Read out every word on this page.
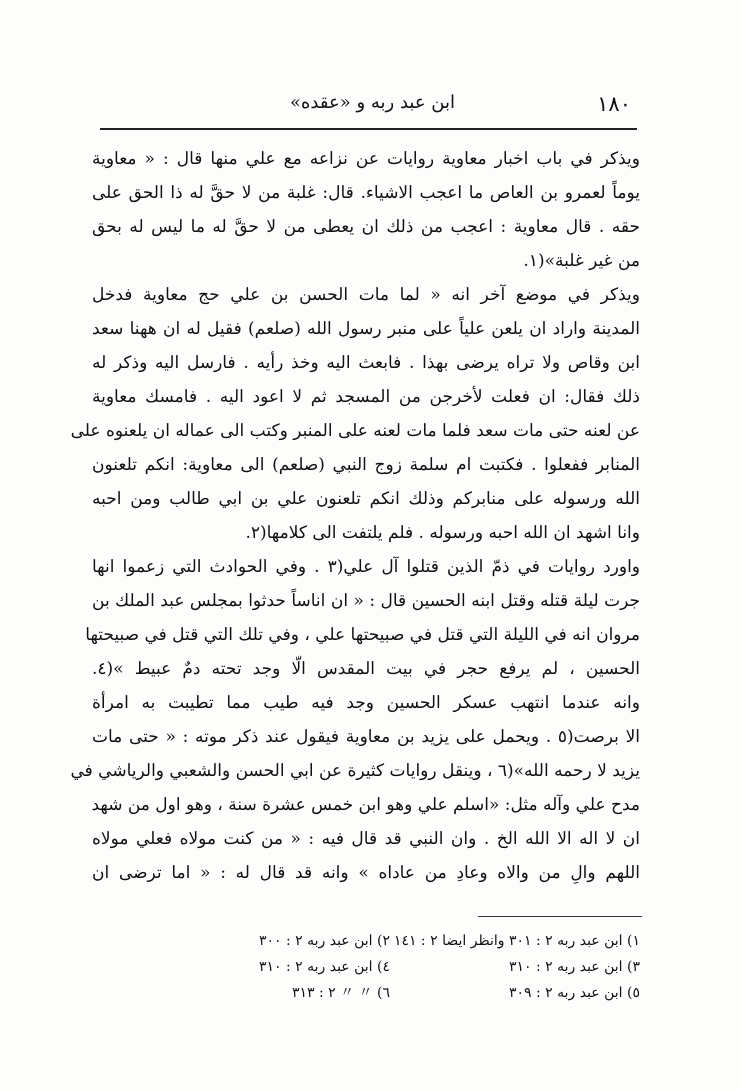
١٨٠
ابن عبد ربه و «عقده»
ويذكر في باب اخبار معاوية روايات عن نزاعه مع علي منها قال : « معاوية
يوماً لعمرو بن العاص ما اعجب الاشياء. قال: غلبة من لا حقَّ له ذا الحق على
حقه . قال معاوية : اعجب من ذلك ان يعطى من لا حقَّ له ما ليس له بحق
من غير غلبة»(١.
ويذكر في موضع آخر انه « لما مات الحسن بن علي حج معاوية فدخل
المدينة واراد ان يلعن علياً على منبر رسول الله (صلعم) فقيل له ان ههنا سعد
ابن وقاص ولا تراه يرضى بهذا . فابعث اليه وخذ رأيه . فارسل اليه وذكر له
ذلك فقال: ان فعلت لأخرجن من المسجد ثم لا اعود اليه . فامسك معاوية
عن لعنه حتى مات سعد فلما مات لعنه على المنبر وكتب الى عماله ان يلعنوه على
المنابر ففعلوا . فكتبت ام سلمة زوج النبي (صلعم) الى معاوية: انكم تلعنون
الله ورسوله على منابركم وذلك انكم تلعنون علي بن ابي طالب ومن احبه
وانا اشهد ان الله احبه ورسوله . فلم يلتفت الى كلامها(٢.
واورد روايات في ذمّ الذين قتلوا آل علي(٣ . وفي الحوادث التي زعموا انها
جرت ليلة قتله وقتل ابنه الحسين قال : « ان اناساً حدثوا بمجلس عبد الملك بن
مروان انه في الليلة التي قتل في صبيحتها علي ، وفي تلك التي قتل في صبيحتها
الحسين ، لم يرفع حجر في بيت المقدس الّا وجد تحته دمٌ عبيط »(٤.
وانه عندما انتهب عسكر الحسين وجد فيه طيب مما تطيبت به امرأة
الا برصت(٥ . ويحمل على يزيد بن معاوية فيقول عند ذكر موته : « حتى مات
يزيد لا رحمه الله»(٦ ، وينقل روايات كثيرة عن ابي الحسن والشعبي والرياشي في
مدح علي وآله مثل: «اسلم علي وهو ابن خمس عشرة سنة ، وهو اول من شهد
ان لا اله الا الله الخ . وان النبي قد قال فيه : « من كنت مولاه فعلي مولاه
اللهم والِ من والاه وعادِ من عاداه » وانه قد قال له : « اما ترضى ان
١) ابن عبد ربه ٢ : ٣٠١ وانظر ايضا ٢ : ١٤١
٢) ابن عبد ربه ٢ : ٣٠٠
٣) ابن عبد ربه ٢ : ٣١٠
٤) ابن عبد ربه ٢ : ٣١٠
٥) ابن عبد ربه ٢ : ٣٠٩
٦) 〃 〃 ٢ : ٣١٣
